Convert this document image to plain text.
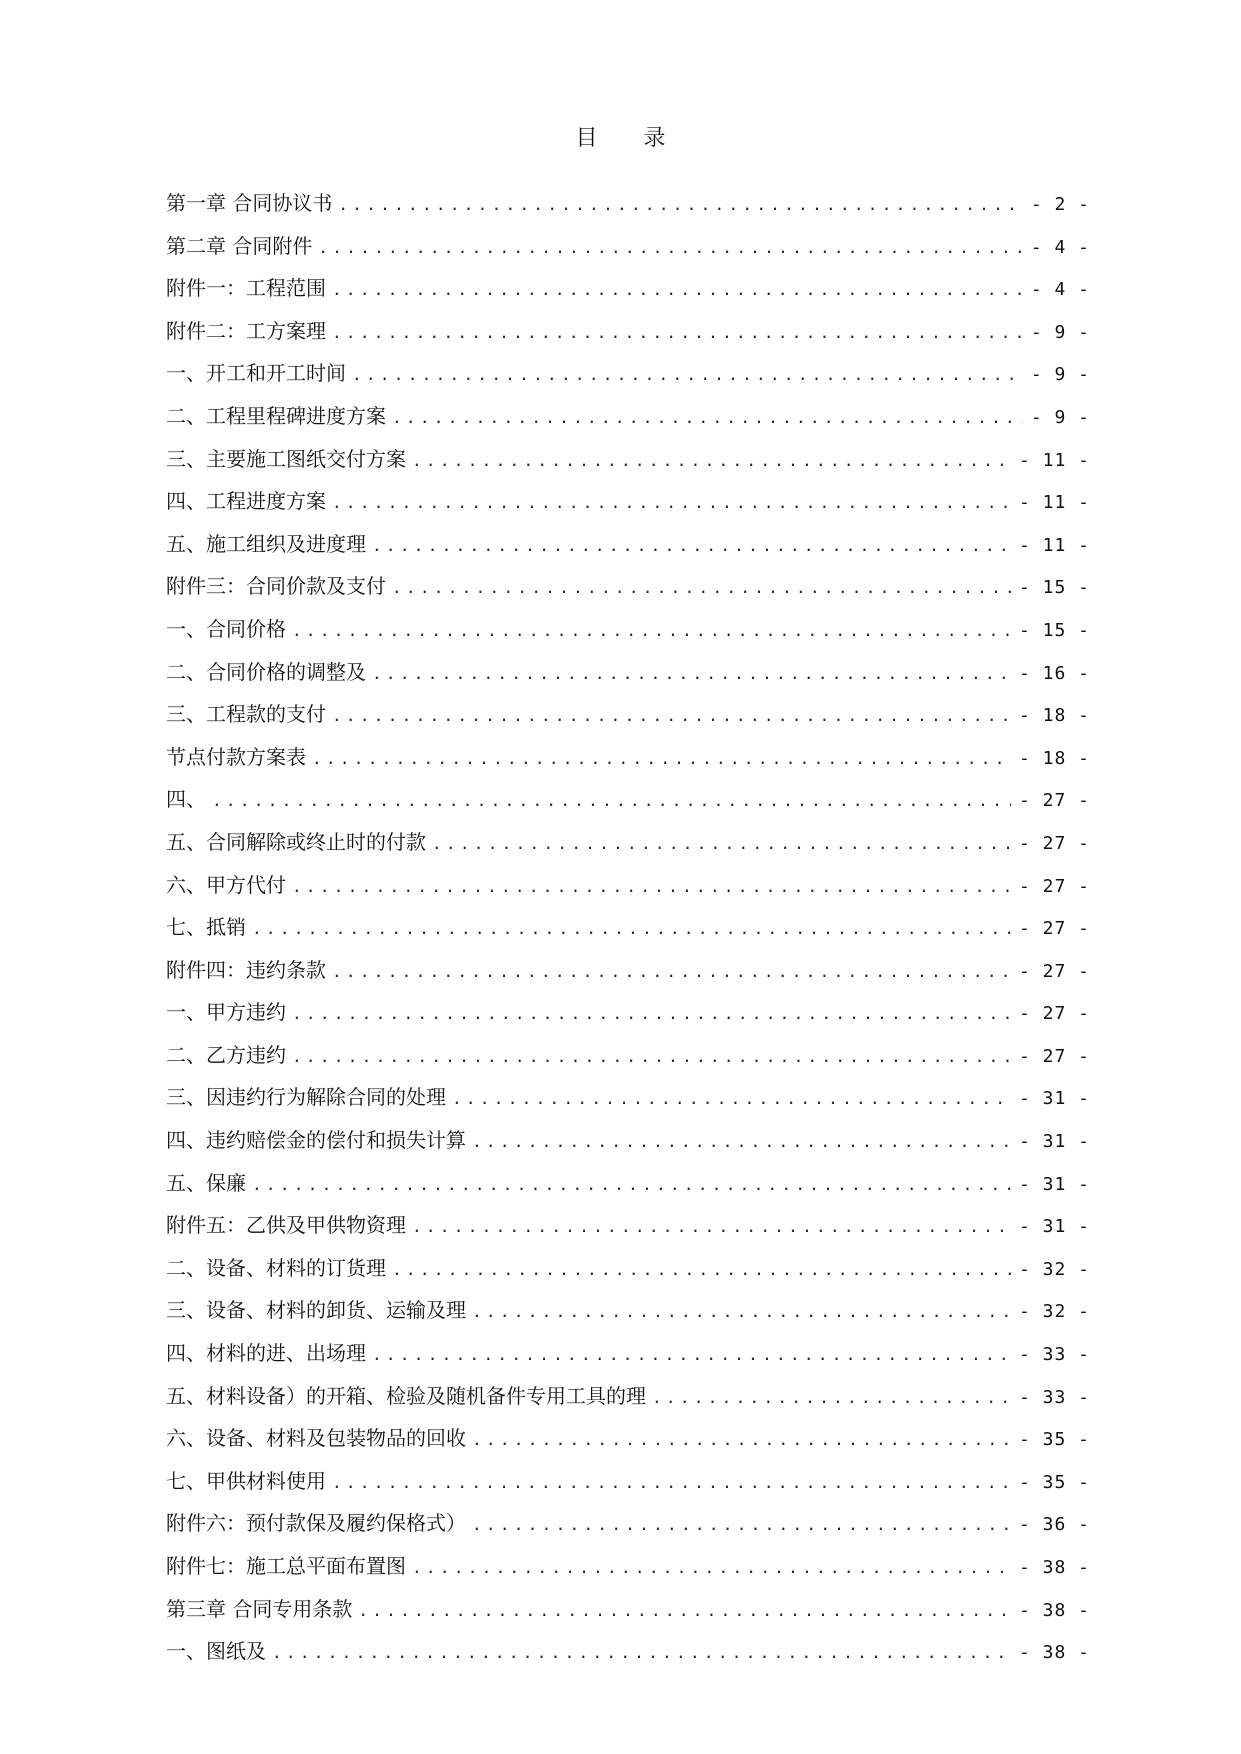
目 录
第一章 合同协议书 .....	- 2 -
第二章 合同附件 .....	- 4 -
附件一：工程范围 .....	- 4 -
附件二：工方案理 .....	- 9 -
一、开工和开工时间 .....	- 9 -
二、工程里程碑进度方案 .....	- 9 -
三、主要施工图纸交付方案 .....	- 11 -
四、工程进度方案 .....	- 11 -
五、施工组织及进度理 .....	- 11 -
附件三：合同价款及支付 .....	- 15 -
一、合同价格 .....	- 15 -
二、合同价格的调整及 .....	- 16 -
三、工程款的支付 .....	- 18 -
节点付款方案表 .....	- 18 -
四、 .....	- 27 -
五、合同解除或终止时的付款 .....	- 27 -
六、甲方代付 .....	- 27 -
七、抵销 .....	- 27 -
附件四：违约条款 .....	- 27 -
一、甲方违约 .....	- 27 -
二、乙方违约 .....	- 27 -
三、因违约行为解除合同的处理 .....	- 31 -
四、违约赔偿金的偿付和损失计算 .....	- 31 -
五、保廉 .....	- 31 -
附件五：乙供及甲供物资理 .....	- 31 -
二、设备、材料的订货理 .....	- 32 -
三、设备、材料的卸货、运输及理 .....	- 32 -
四、材料的进、出场理 .....	- 33 -
五、材料设备）的开箱、检验及随机备件专用工具的理 .....	- 33 -
六、设备、材料及包装物品的回收 .....	- 35 -
七、甲供材料使用 .....	- 35 -
附件六：预付款保及履约保格式） .....	- 36 -
附件七：施工总平面布置图 .....	- 38 -
第三章 合同专用条款 .....	- 38 -
一、图纸及 .....	- 38 -
